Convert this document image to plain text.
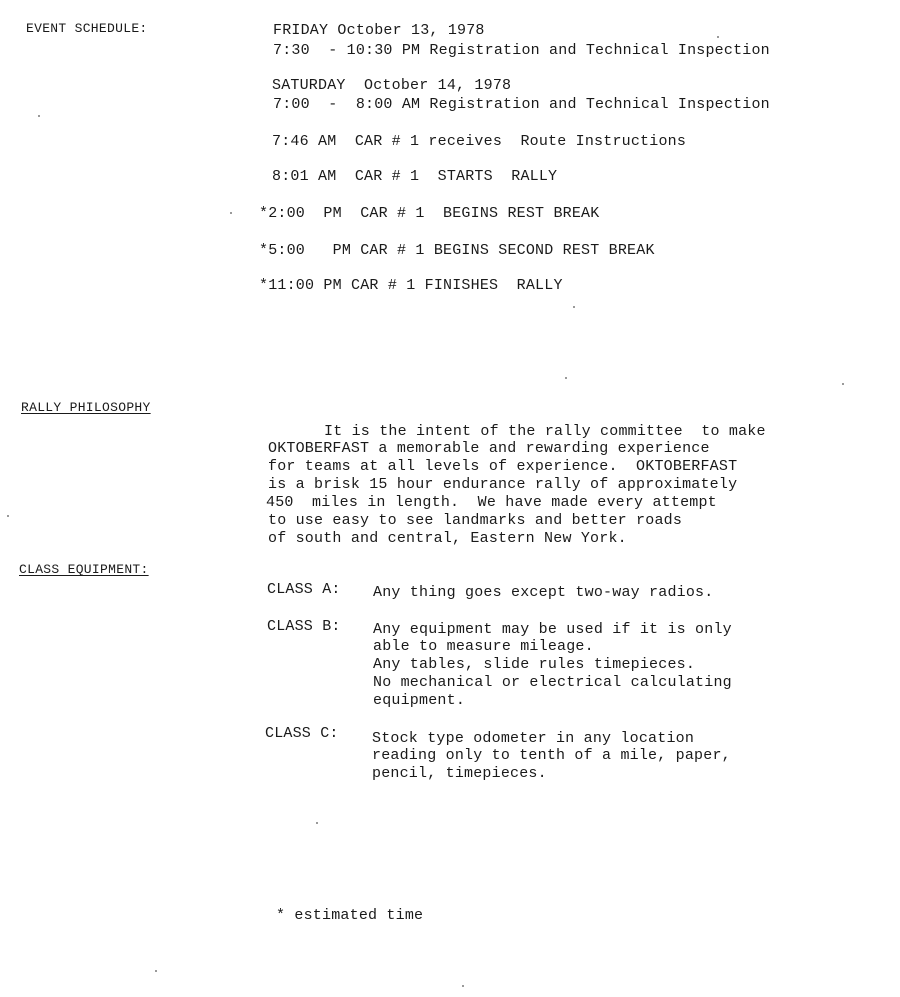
EVENT SCHEDULE:	FRIDAY October 13, 1978
7:30  - 10:30 PM Registration and Technical Inspection
SATURDAY  October 14, 1978
7:00  -  8:00 AM Registration and Technical Inspection
7:46 AM  CAR # 1 receives  Route Instructions
8:01 AM  CAR # 1  STARTS  RALLY
*2:00  PM  CAR # 1  BEGINS REST BREAK
*5:00   PM CAR # 1 BEGINS SECOND REST BREAK
*11:00 PM CAR # 1 FINISHES  RALLY
RALLY PHILOSOPHY
It is the intent of the rally committee  to make
OKTOBERFAST a memorable and rewarding experience
for teams at all levels of experience.  OKTOBERFAST
is a brisk 15 hour endurance rally of approximately
450  miles in length.  We have made every attempt
to use easy to see landmarks and better roads
of south and central, Eastern New York.
CLASS EQUIPMENT:
CLASS A: Any thing goes except two-way radios.
CLASS B: Any equipment may be used if it is only
able to measure mileage.
Any tables, slide rules timepieces.
No mechanical or electrical calculating
equipment.
CLASS C: Stock type odometer in any location
reading only to tenth of a mile, paper,
pencil, timepieces.
* estimated time
